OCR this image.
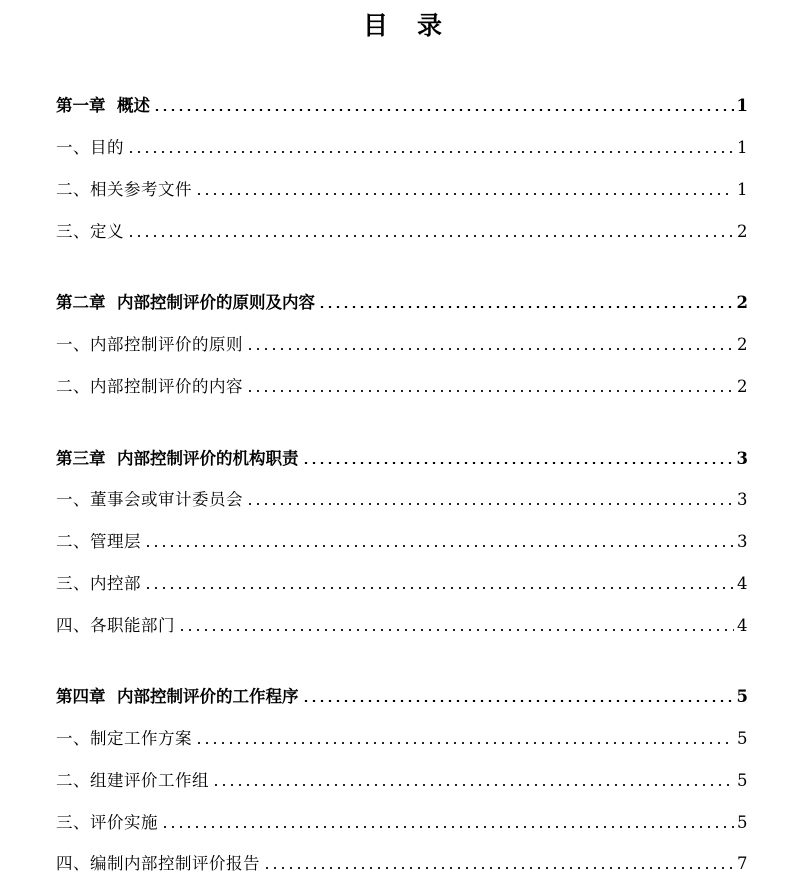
目　录
第一章  概述	1
一、目的	1
二、相关参考文件	1
三、定义	2
第二章  内部控制评价的原则及内容	2
一、内部控制评价的原则	2
二、内部控制评价的内容	2
第三章  内部控制评价的机构职责	3
一、董事会或审计委员会	3
二、管理层	3
三、内控部	4
四、各职能部门	4
第四章  内部控制评价的工作程序	5
一、制定工作方案	5
二、组建评价工作组	5
三、评价实施	5
四、编制内部控制评价报告	7
